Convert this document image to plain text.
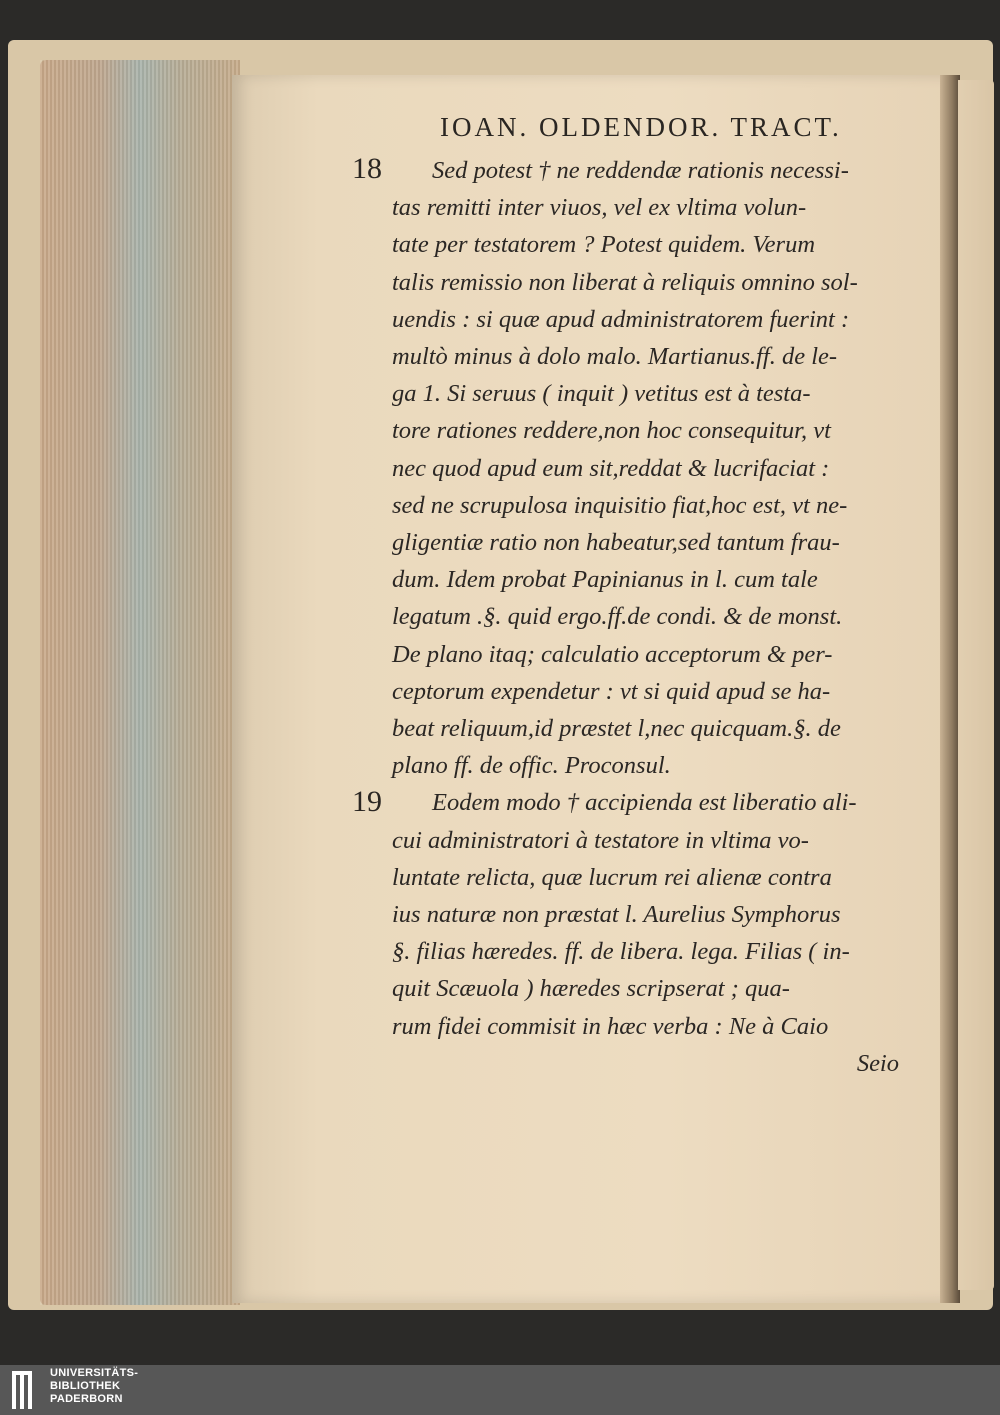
IOAN. OLDENDOR. TRACT.
18
19
Sed potest † ne reddendæ rationis necessi-
tas remitti inter viuos, vel ex vltima volun-
tate per testatorem ? Potest quidem. Verum
talis remissio non liberat à reliquis omnino sol-
uendis : si quæ apud administratorem fuerint :
multò minus à dolo malo. Martianus.ff. de le-
ga 1. Si seruus ( inquit ) vetitus est à testa-
tore rationes reddere,non hoc consequitur, vt
nec quod apud eum sit,reddat & lucrifaciat :
sed ne scrupulosa inquisitio fiat,hoc est, vt ne-
gligentiæ ratio non habeatur,sed tantum frau-
dum. Idem probat Papinianus in l. cum tale
legatum .§. quid ergo.ff.de condi. & de monst.
De plano itaq; calculatio acceptorum & per-
ceptorum expendetur : vt si quid apud se ha-
beat reliquum,id præstet l,nec quicquam.§. de
plano ff. de offic. Proconsul.
Eodem modo † accipienda est liberatio ali-
cui administratori à testatore in vltima vo-
luntate relicta, quæ lucrum rei alienæ contra
ius naturæ non præstat l. Aurelius Symphorus
§. filias hæredes. ff. de libera. lega. Filias ( in-
quit Scæuola ) hæredes scripserat ; qua-
rum fidei commisit in hæc verba : Ne à Caio
Seio
UNIVERSITÄTS-
BIBLIOTHEK
PADERBORN
